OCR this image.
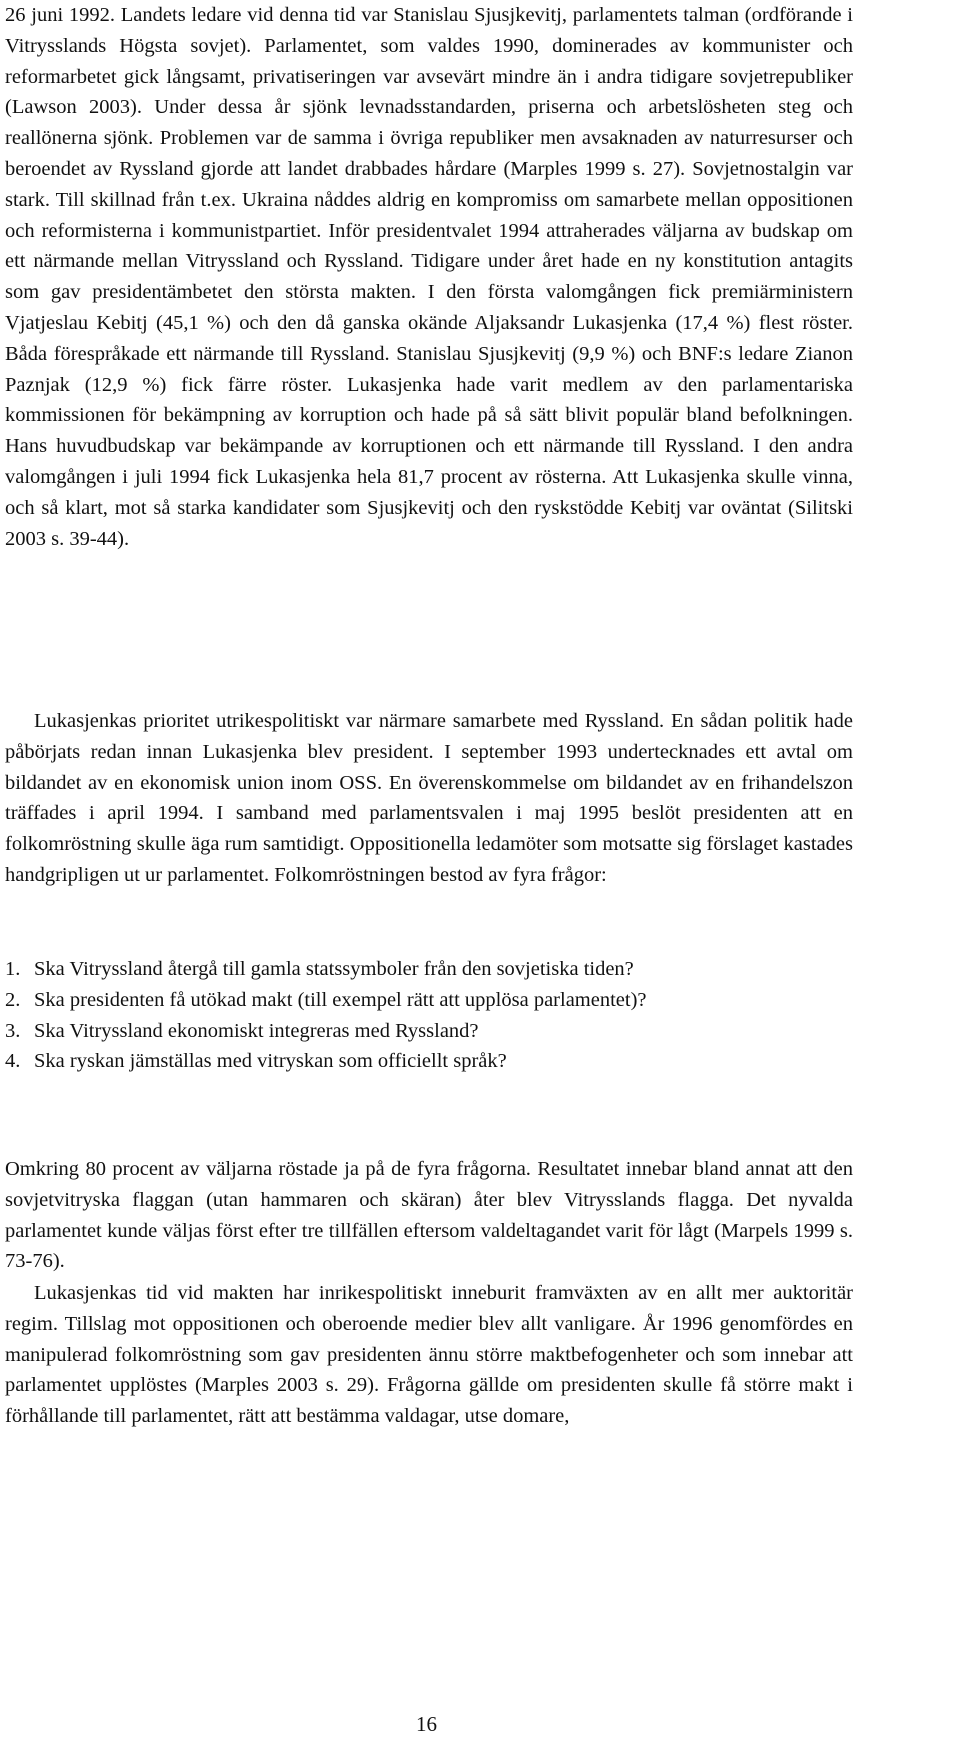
26 juni 1992. Landets ledare vid denna tid var Stanislau Sjusjkevitj, parlamentets talman (ordförande i Vitrysslands Högsta sovjet). Parlamentet, som valdes 1990, dominerades av kommunister och reformarbetet gick långsamt, privatiseringen var avsevärt mindre än i andra tidigare sovjetrepubliker (Lawson 2003). Under dessa år sjönk levnadsstandarden, priserna och arbetslösheten steg och reallönerna sjönk. Problemen var de samma i övriga republiker men avsaknaden av naturresurser och beroendet av Ryssland gjorde att landet drabbades hårdare (Marples 1999 s. 27). Sovjetnostalgin var stark. Till skillnad från t.ex. Ukraina nåddes aldrig en kompromiss om samarbete mellan oppositionen och reformisterna i kommunistpartiet. Inför presidentvalet 1994 attraherades väljarna av budskap om ett närmande mellan Vitryssland och Ryssland. Tidigare under året hade en ny konstitution antagits som gav presidentämbetet den största makten. I den första valomgången fick premiärministern Vjatjeslau Kebitj (45,1 %) och den då ganska okände Aljaksandr Lukasjenka (17,4 %) flest röster. Båda förespråkade ett närmande till Ryssland. Stanislau Sjusjkevitj (9,9 %) och BNF:s ledare Zianon Paznjak (12,9 %) fick färre röster. Lukasjenka hade varit medlem av den parlamentariska kommissionen för bekämpning av korruption och hade på så sätt blivit populär bland befolkningen. Hans huvudbudskap var bekämpande av korruptionen och ett närmande till Ryssland. I den andra valomgången i juli 1994 fick Lukasjenka hela 81,7 procent av rösterna. Att Lukasjenka skulle vinna, och så klart, mot så starka kandidater som Sjusjkevitj och den ryskstödde Kebitj var oväntat (Silitski 2003 s. 39-44).

Lukasjenkas prioritet utrikespolitiskt var närmare samarbete med Ryssland. En sådan politik hade påbörjats redan innan Lukasjenka blev president. I september 1993 undertecknades ett avtal om bildandet av en ekonomisk union inom OSS. En överenskommelse om bildandet av en frihandelszon träffades i april 1994. I samband med parlamentsvalen i maj 1995 beslöt presidenten att en folkomröstning skulle äga rum samtidigt. Oppositionella ledamöter som motsatte sig förslaget kastades handgripligen ut ur parlamentet. Folkomröstningen bestod av fyra frågor:

1. Ska Vitryssland återgå till gamla statssymboler från den sovjetiska tiden?
2. Ska presidenten få utökad makt (till exempel rätt att upplösa parlamentet)?
3. Ska Vitryssland ekonomiskt integreras med Ryssland?
4. Ska ryskan jämställas med vitryskan som officiellt språk?

Omkring 80 procent av väljarna röstade ja på de fyra frågorna. Resultatet innebar bland annat att den sovjetvitryska flaggan (utan hammaren och skäran) åter blev Vitrysslands flagga. Det nyvalda parlamentet kunde väljas först efter tre tillfällen eftersom valdeltagandet varit för lågt (Marpels 1999 s. 73-76).

Lukasjenkas tid vid makten har inrikespolitiskt inneburit framväxten av en allt mer auktoritär regim. Tillslag mot oppositionen och oberoende medier blev allt vanligare. År 1996 genomfördes en manipulerad folkomröstning som gav presidenten ännu större maktbefogenheter och som innebar att parlamentet upplöstes (Marples 2003 s. 29). Frågorna gällde om presidenten skulle få större makt i förhållande till parlamentet, rätt att bestämma valdagar, utse domare,

16
